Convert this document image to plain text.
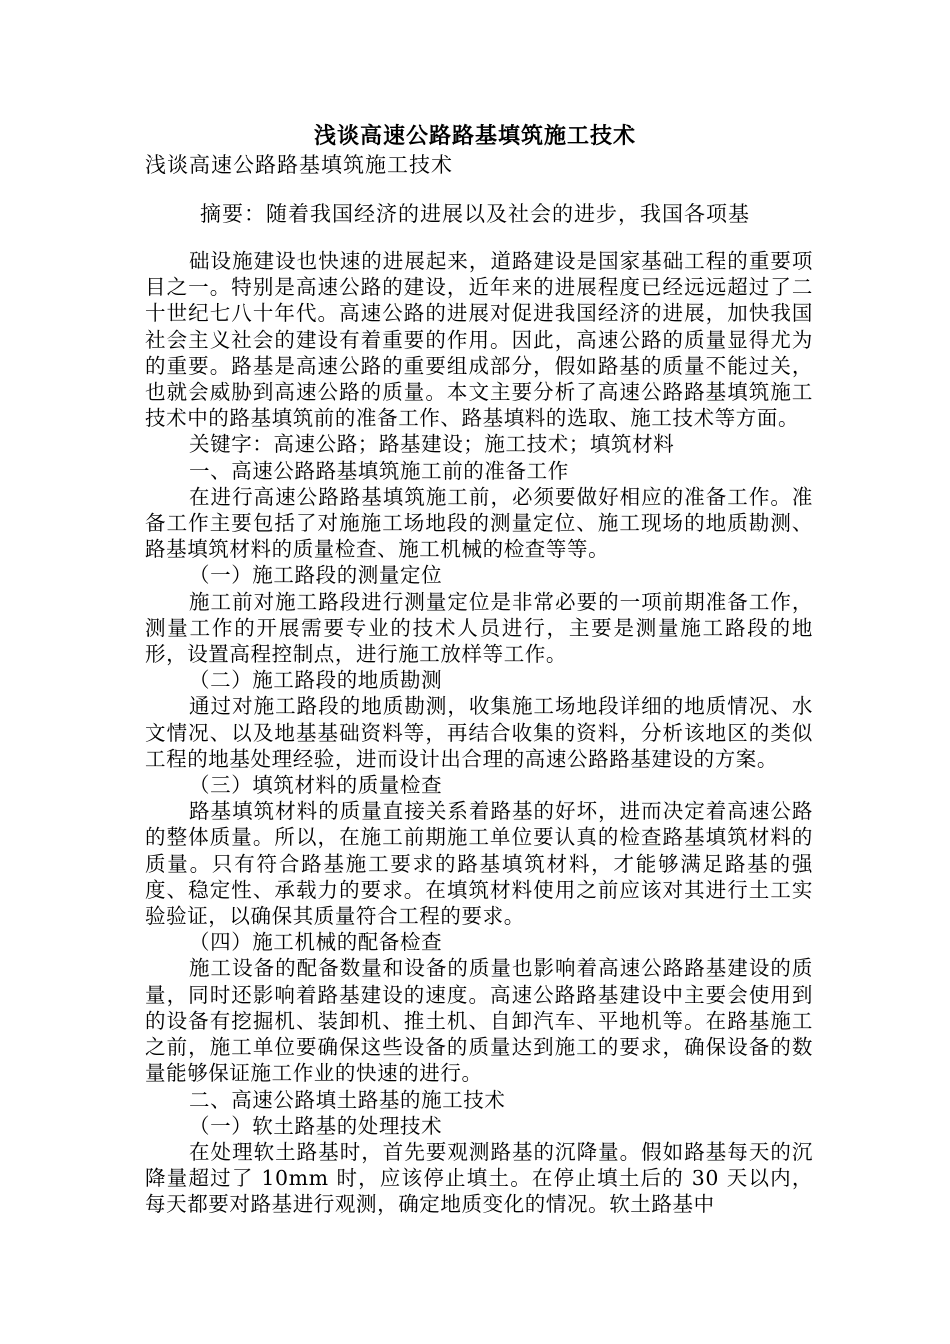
浅谈高速公路路基填筑施工技术
浅谈高速公路路基填筑施工技术
摘要：随着我国经济的进展以及社会的进步，我国各项基

础设施建设也快速的进展起来，道路建设是国家基础工程的重要项目之一。特别是高速公路的建设，近年来的进展程度已经远远超过了二十世纪七八十年代。高速公路的进展对促进我国经济的进展，加快我国社会主义社会的建设有着重要的作用。因此，高速公路的质量显得尤为的重要。路基是高速公路的重要组成部分，假如路基的质量不能过关，也就会威胁到高速公路的质量。本文主要分析了高速公路路基填筑施工技术中的路基填筑前的准备工作、路基填料的选取、施工技术等方面。

关键字：高速公路；路基建设；施工技术；填筑材料

一、高速公路路基填筑施工前的准备工作

在进行高速公路路基填筑施工前，必须要做好相应的准备工作。准备工作主要包括了对施施工场地段的测量定位、施工现场的地质勘测、路基填筑材料的质量检查、施工机械的检查等等。

（一）施工路段的测量定位

施工前对施工路段进行测量定位是非常必要的一项前期准备工作，测量工作的开展需要专业的技术人员进行，主要是测量施工路段的地形，设置高程控制点，进行施工放样等工作。

（二）施工路段的地质勘测

通过对施工路段的地质勘测，收集施工场地段详细的地质情况、水文情况、以及地基基础资料等，再结合收集的资料，分析该地区的类似工程的地基处理经验，进而设计出合理的高速公路路基建设的方案。

（三）填筑材料的质量检查

路基填筑材料的质量直接关系着路基的好坏，进而决定着高速公路的整体质量。所以，在施工前期施工单位要认真的检查路基填筑材料的质量。只有符合路基施工要求的路基填筑材料，才能够满足路基的强度、稳定性、承载力的要求。在填筑材料使用之前应该对其进行土工实验验证，以确保其质量符合工程的要求。

（四）施工机械的配备检查

施工设备的配备数量和设备的质量也影响着高速公路路基建设的质量，同时还影响着路基建设的速度。高速公路路基建设中主要会使用到的设备有挖掘机、装卸机、推土机、自卸汽车、平地机等。在路基施工之前，施工单位要确保这些设备的质量达到施工的要求，确保设备的数量能够保证施工作业的快速的进行。

二、高速公路填土路基的施工技术

（一）软土路基的处理技术

在处理软土路基时，首先要观测路基的沉降量。假如路基每天的沉降量超过了 10mm 时，应该停止填土。在停止填土后的 30 天以内，每天都要对路基进行观测，确定地质变化的情况。软土路基中
